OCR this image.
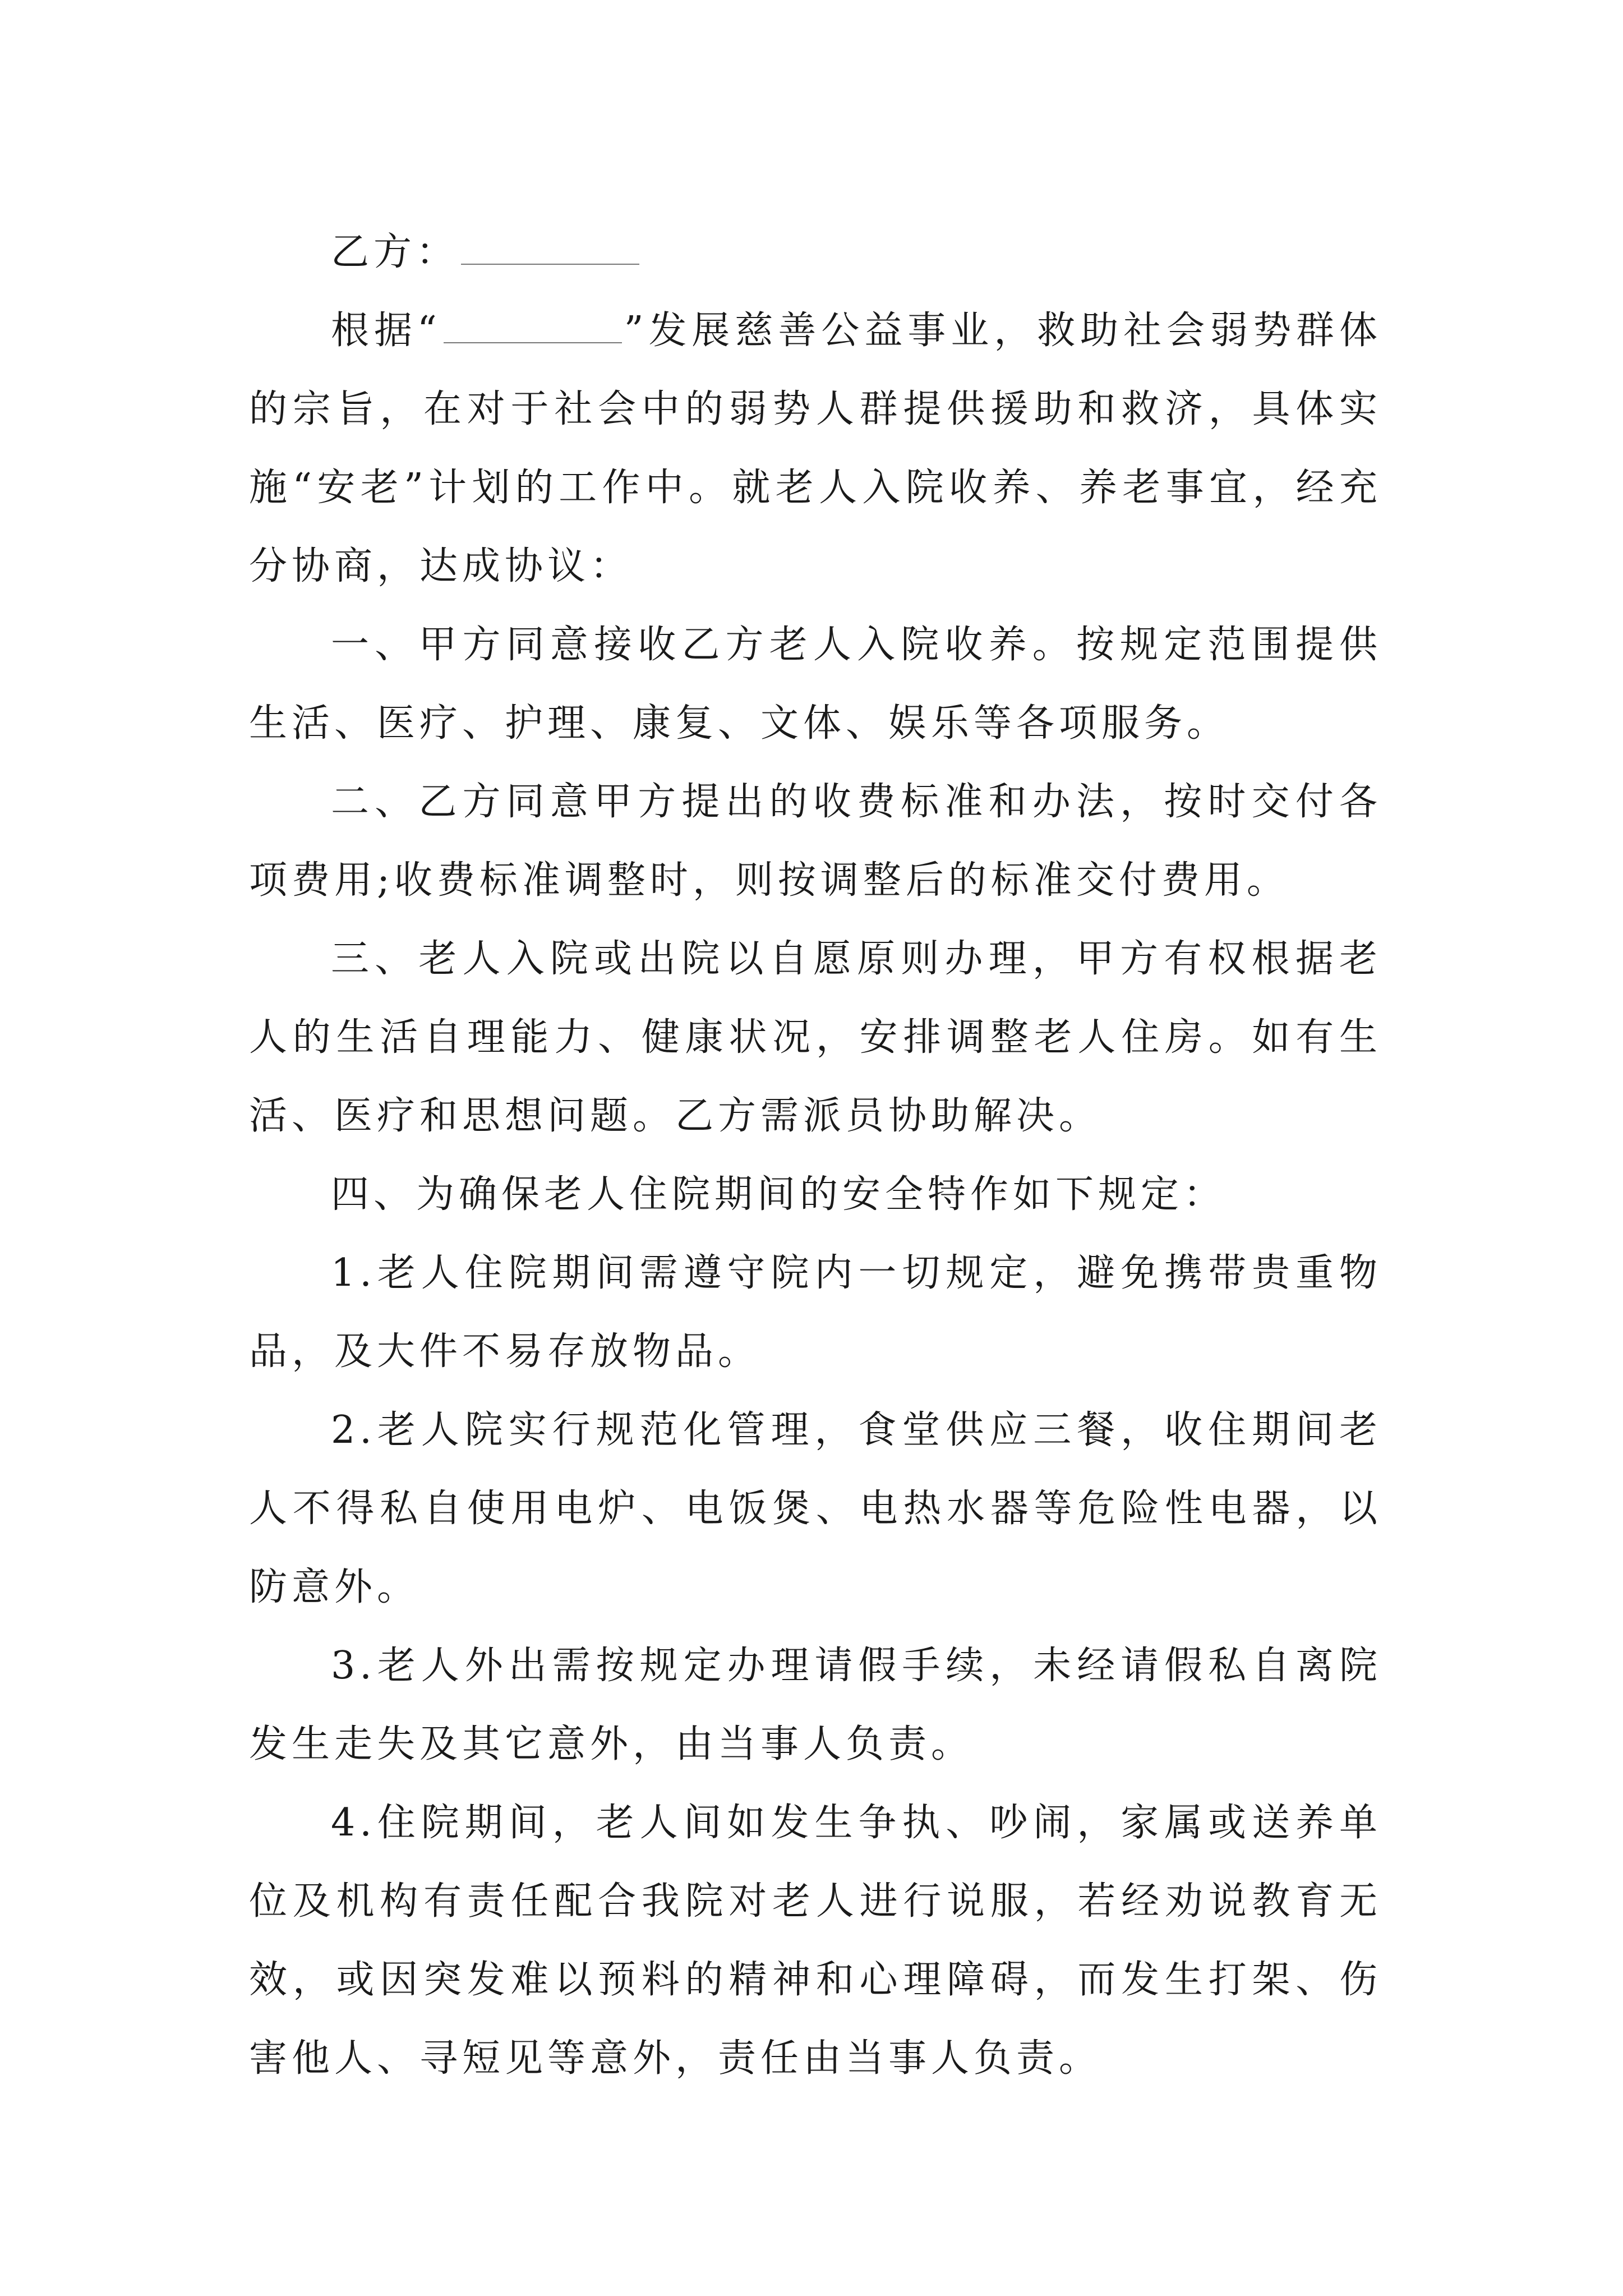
乙方：

根据“	”发展慈善公益事业，救助社会弱势群体的宗旨，在对于社会中的弱势人群提供援助和救济，具体实施“安老”计划的工作中。就老人入院收养、养老事宜，经充分协商，达成协议：

一、甲方同意接收乙方老人入院收养。按规定范围提供生活、医疗、护理、康复、文体、娱乐等各项服务。

二、乙方同意甲方提出的收费标准和办法，按时交付各项费用;收费标准调整时，则按调整后的标准交付费用。

三、老人入院或出院以自愿原则办理，甲方有权根据老人的生活自理能力、健康状况，安排调整老人住房。如有生活、医疗和思想问题。乙方需派员协助解决。

四、为确保老人住院期间的安全特作如下规定：

1.老人住院期间需遵守院内一切规定，避免携带贵重物品，及大件不易存放物品。

2.老人院实行规范化管理，食堂供应三餐，收住期间老人不得私自使用电炉、电饭煲、电热水器等危险性电器，以防意外。

3.老人外出需按规定办理请假手续，未经请假私自离院发生走失及其它意外，由当事人负责。

4.住院期间，老人间如发生争执、吵闹，家属或送养单位及机构有责任配合我院对老人进行说服，若经劝说教育无效，或因突发难以预料的精神和心理障碍，而发生打架、伤害他人、寻短见等意外，责任由当事人负责。
